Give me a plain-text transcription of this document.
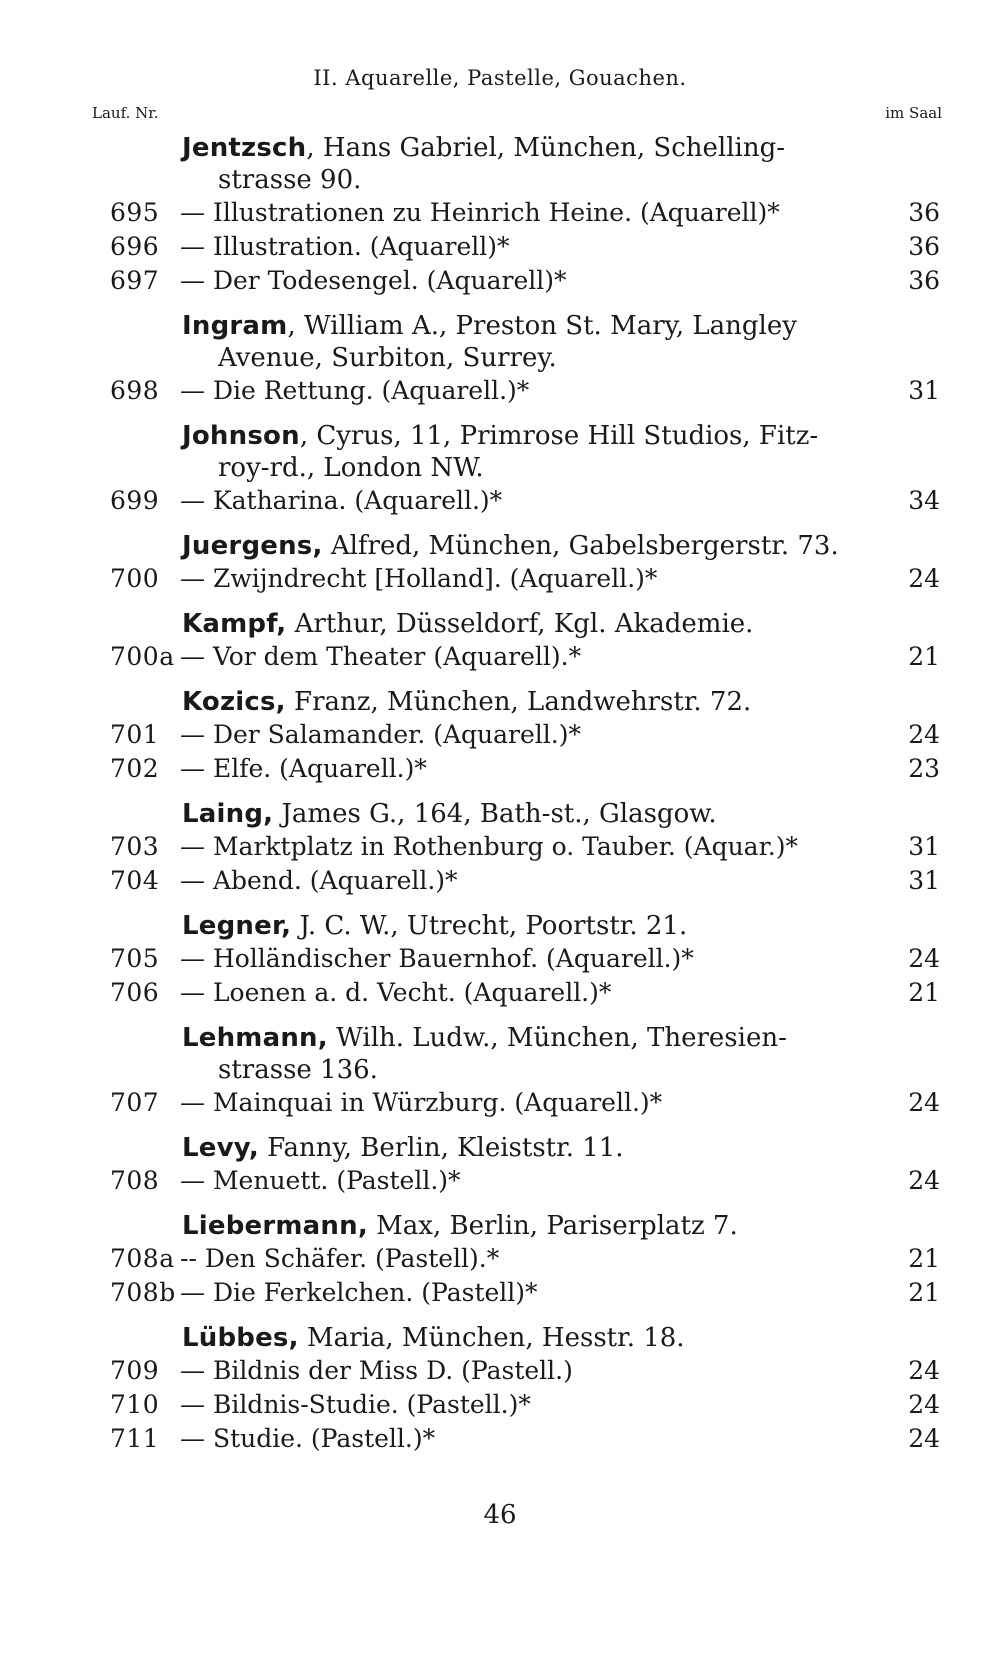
II. Aquarelle, Pastelle, Gouachen.
Lauf. Nr.	im Saal
Jentzsch, Hans Gabriel, München, Schelling-
strasse 90.
695 — Illustrationen zu Heinrich Heine. (Aquarell)*	36
696 — Illustration. (Aquarell)*	36
697 — Der Todesengel. (Aquarell)*	36
Ingram, William A., Preston St. Mary, Langley
Avenue, Surbiton, Surrey.
698 — Die Rettung. (Aquarell.)*	31
Johnson, Cyrus, 11, Primrose Hill Studios, Fitz-
roy-rd., London NW.
699 — Katharina. (Aquarell.)*	34
Juergens, Alfred, München, Gabelsbergerstr. 73.
700 — Zwijndrecht [Holland]. (Aquarell.)*	24
Kampf, Arthur, Düsseldorf, Kgl. Akademie.
700a — Vor dem Theater (Aquarell).*	21
Kozics, Franz, München, Landwehrstr. 72.
701 — Der Salamander. (Aquarell.)*	24
702 — Elfe. (Aquarell.)*	23
Laing, James G., 164, Bath-st., Glasgow.
703 — Marktplatz in Rothenburg o. Tauber. (Aquar.)*	31
704 — Abend. (Aquarell.)*	31
Legner, J. C. W., Utrecht, Poortstr. 21.
705 — Holländischer Bauernhof. (Aquarell.)*	24
706 — Loenen a. d. Vecht. (Aquarell.)*	21
Lehmann, Wilh. Ludw., München, Theresien-
strasse 136.
707 — Mainquai in Würzburg. (Aquarell.)*	24
Levy, Fanny, Berlin, Kleiststr. 11.
708 — Menuett. (Pastell.)*	24
Liebermann, Max, Berlin, Pariserplatz 7.
708a -- Den Schäfer. (Pastell).*	21
708b — Die Ferkelchen. (Pastell)*	21
Lübbes, Maria, München, Hesstr. 18.
709 — Bildnis der Miss D. (Pastell.)	24
710 — Bildnis-Studie. (Pastell.)*	24
711 — Studie. (Pastell.)*	24
46
